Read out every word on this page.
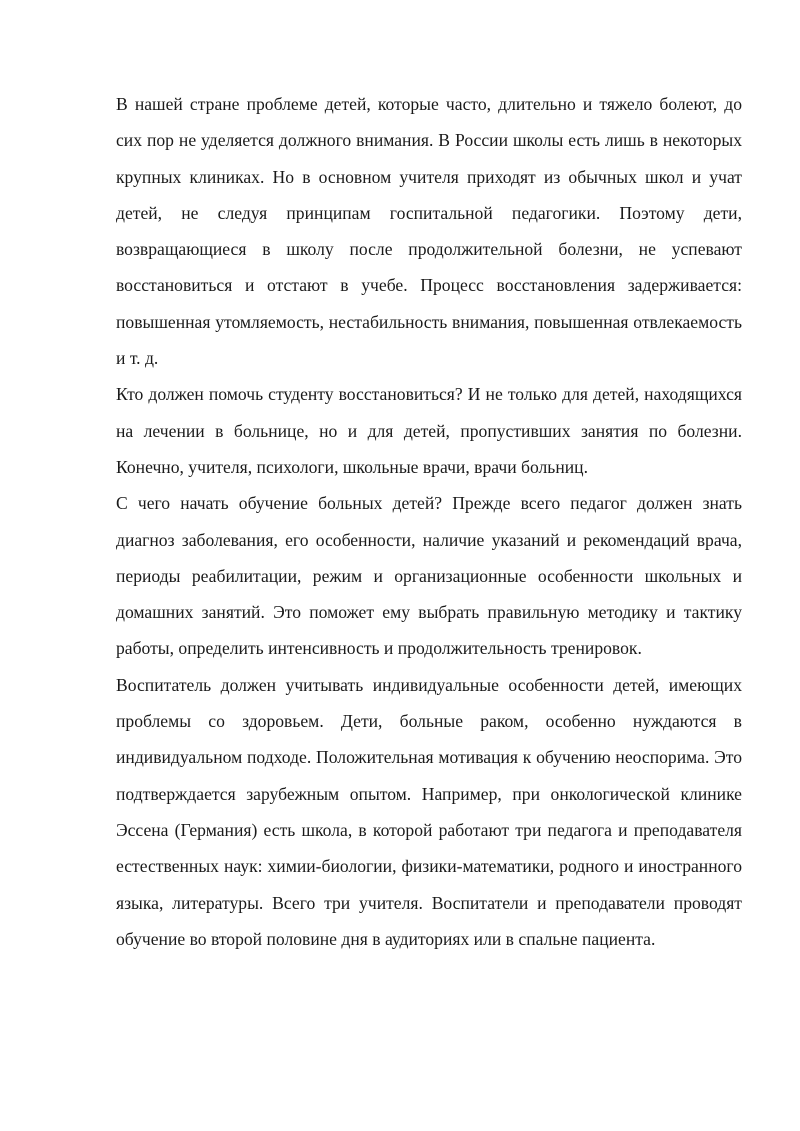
В нашей стране проблеме детей, которые часто, длительно и тяжело болеют, до сих пор не уделяется должного внимания. В России школы есть лишь в некоторых крупных клиниках. Но в основном учителя приходят из обычных школ и учат детей, не следуя принципам госпитальной педагогики. Поэтому дети, возвращающиеся в школу после продолжительной болезни, не успевают восстановиться и отстают в учебе. Процесс восстановления задерживается: повышенная утомляемость, нестабильность внимания, повышенная отвлекаемость и т. д.

Кто должен помочь студенту восстановиться? И не только для детей, находящихся на лечении в больнице, но и для детей, пропустивших занятия по болезни. Конечно, учителя, психологи, школьные врачи, врачи больниц.

С чего начать обучение больных детей? Прежде всего педагог должен знать диагноз заболевания, его особенности, наличие указаний и рекомендаций врача, периоды реабилитации, режим и организационные особенности школьных и домашних занятий. Это поможет ему выбрать правильную методику и тактику работы, определить интенсивность и продолжительность тренировок.

Воспитатель должен учитывать индивидуальные особенности детей, имеющих проблемы со здоровьем. Дети, больные раком, особенно нуждаются в индивидуальном подходе. Положительная мотивация к обучению неоспорима. Это подтверждается зарубежным опытом. Например, при онкологической клинике Эссена (Германия) есть школа, в которой работают три педагога и преподавателя естественных наук: химии-биологии, физики-математики, родного и иностранного языка, литературы. Всего три учителя. Воспитатели и преподаватели проводят обучение во второй половине дня в аудиториях или в спальне пациента.
